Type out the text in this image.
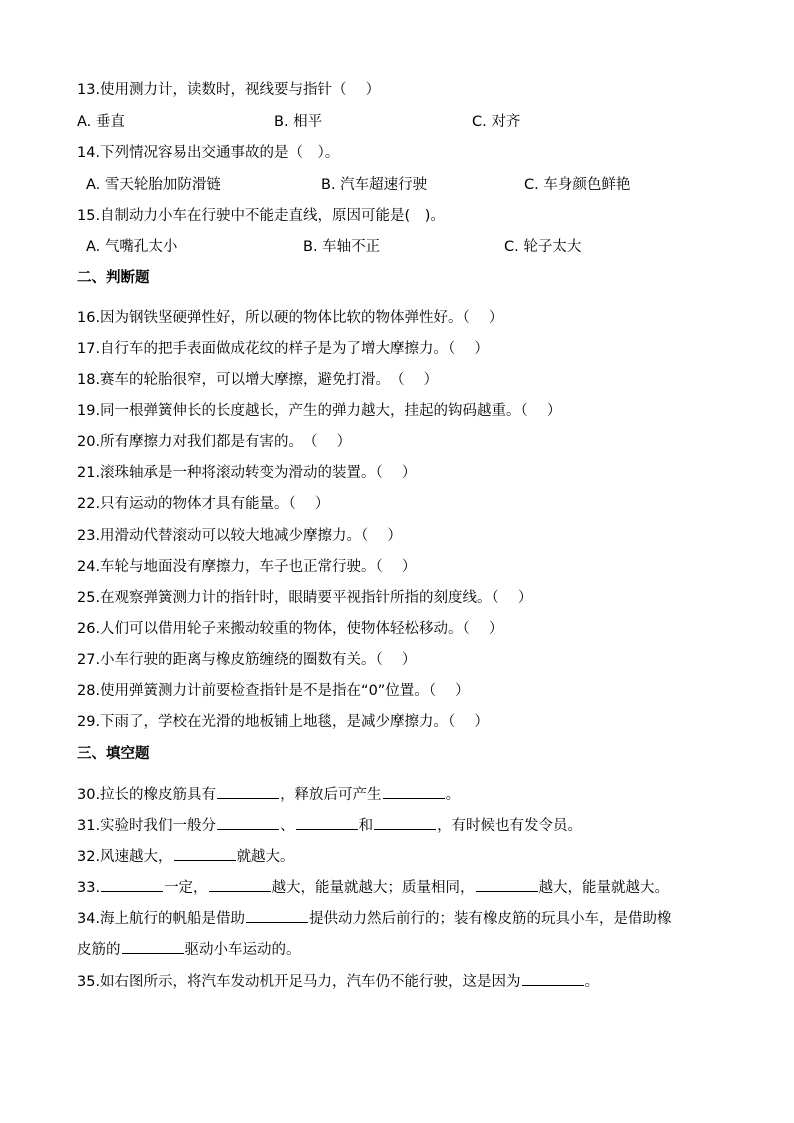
13.使用测力计，读数时，视线要与指针（　 ）
A. 垂直	B. 相平	C. 对齐
14.下列情况容易出交通事故的是（　）。
A. 雪天轮胎加防滑链	B. 汽车超速行驶	C. 车身颜色鲜艳
15.自制动力小车在行驶中不能走直线，原因可能是(　)。
A. 气嘴孔太小	B. 车轴不正	C. 轮子太大
二、判断题
16.因为钢铁坚硬弹性好，所以硬的物体比软的物体弹性好。（　 ）
17.自行车的把手表面做成花纹的样子是为了增大摩擦力。（　 ）
18.赛车的轮胎很窄，可以增大摩擦，避免打滑。　（　 ）
19.同一根弹簧伸长的长度越长，产生的弹力越大，挂起的钩码越重。（　 ）
20.所有摩擦力对我们都是有害的。　（　 ）
21.滚珠轴承是一种将滚动转变为滑动的装置。（　 ）
22.只有运动的物体才具有能量。（　 ）
23.用滑动代替滚动可以较大地减少摩擦力。（　 ）
24.车轮与地面没有摩擦力，车子也正常行驶。（　 ）
25.在观察弹簧测力计的指针时，眼睛要平视指针所指的刻度线。（　 ）
26.人们可以借用轮子来搬动较重的物体，使物体轻松移动。（　 ）
27.小车行驶的距离与橡皮筋缠绕的圈数有关。（　 ）
28.使用弹簧测力计前要检查指针是不是指在“0”位置。（　 ）
29.下雨了，学校在光滑的地板铺上地毯，是减少摩擦力。（　 ）
三、填空题
30.拉长的橡皮筋具有	，释放后可产生	。
31.实验时我们一般分	、	和	，有时候也有发令员。
32.风速越大，	就越大。
33.	一定，	越大，能量就越大；质量相同，	越大，能量就越大。
34.海上航行的帆船是借助	提供动力然后前行的；装有橡皮筋的玩具小车，是借助橡
皮筋的	驱动小车运动的。
35.如右图所示，将汽车发动机开足马力，汽车仍不能行驶，这是因为	。
